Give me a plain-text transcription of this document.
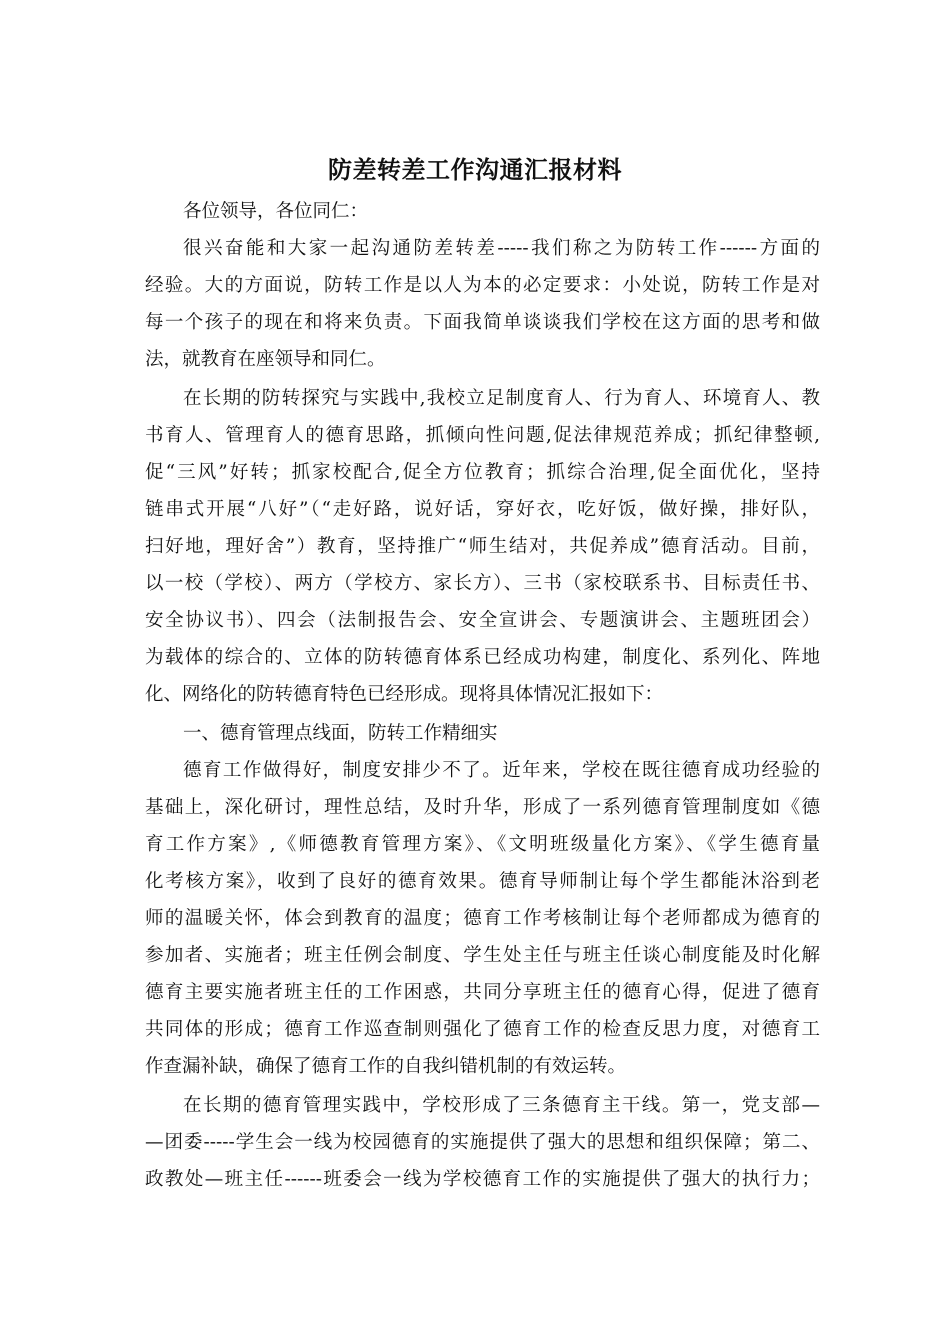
防差转差工作沟通汇报材料
各位领导，各位同仁：
很兴奋能和大家一起沟通防差转差-----我们称之为防转工作------方面的
经验。大的方面说，防转工作是以人为本的必定要求：小处说，防转工作是对
每一个孩子的现在和将来负责。下面我简单谈谈我们学校在这方面的思考和做
法，就教育在座领导和同仁。
在长期的防转探究与实践中,我校立足制度育人、行为育人、环境育人、教
书育人、管理育人的德育思路，抓倾向性问题,促法律规范养成；抓纪律整顿,
促“三风”好转；抓家校配合,促全方位教育；抓综合治理,促全面优化，坚持
链串式开展“八好”（“走好路，说好话，穿好衣，吃好饭，做好操，排好队，
扫好地，理好舍”）教育，坚持推广“师生结对，共促养成”德育活动。目前，
以一校（学校）、两方（学校方、家长方）、三书（家校联系书、目标责任书、
安全协议书）、四会（法制报告会、安全宣讲会、专题演讲会、主题班团会）
为载体的综合的、立体的防转德育体系已经成功构建，制度化、系列化、阵地
化、网络化的防转德育特色已经形成。现将具体情况汇报如下：
一、德育管理点线面，防转工作精细实
德育工作做得好，制度安排少不了。近年来，学校在既往德育成功经验的
基础上，深化研讨，理性总结，及时升华，形成了一系列德育管理制度如《德
育工作方案》,《师德教育管理方案》、《文明班级量化方案》、《学生德育量
化考核方案》，收到了良好的德育效果。德育导师制让每个学生都能沐浴到老
师的温暖关怀，体会到教育的温度；德育工作考核制让每个老师都成为德育的
参加者、实施者；班主任例会制度、学生处主任与班主任谈心制度能及时化解
德育主要实施者班主任的工作困惑，共同分享班主任的德育心得，促进了德育
共同体的形成；德育工作巡查制则强化了德育工作的检查反思力度，对德育工
作查漏补缺，确保了德育工作的自我纠错机制的有效运转。
在长期的德育管理实践中，学校形成了三条德育主干线。第一，党支部—
—团委-----学生会一线为校园德育的实施提供了强大的思想和组织保障；第二、
政教处—班主任------班委会一线为学校德育工作的实施提供了强大的执行力；
